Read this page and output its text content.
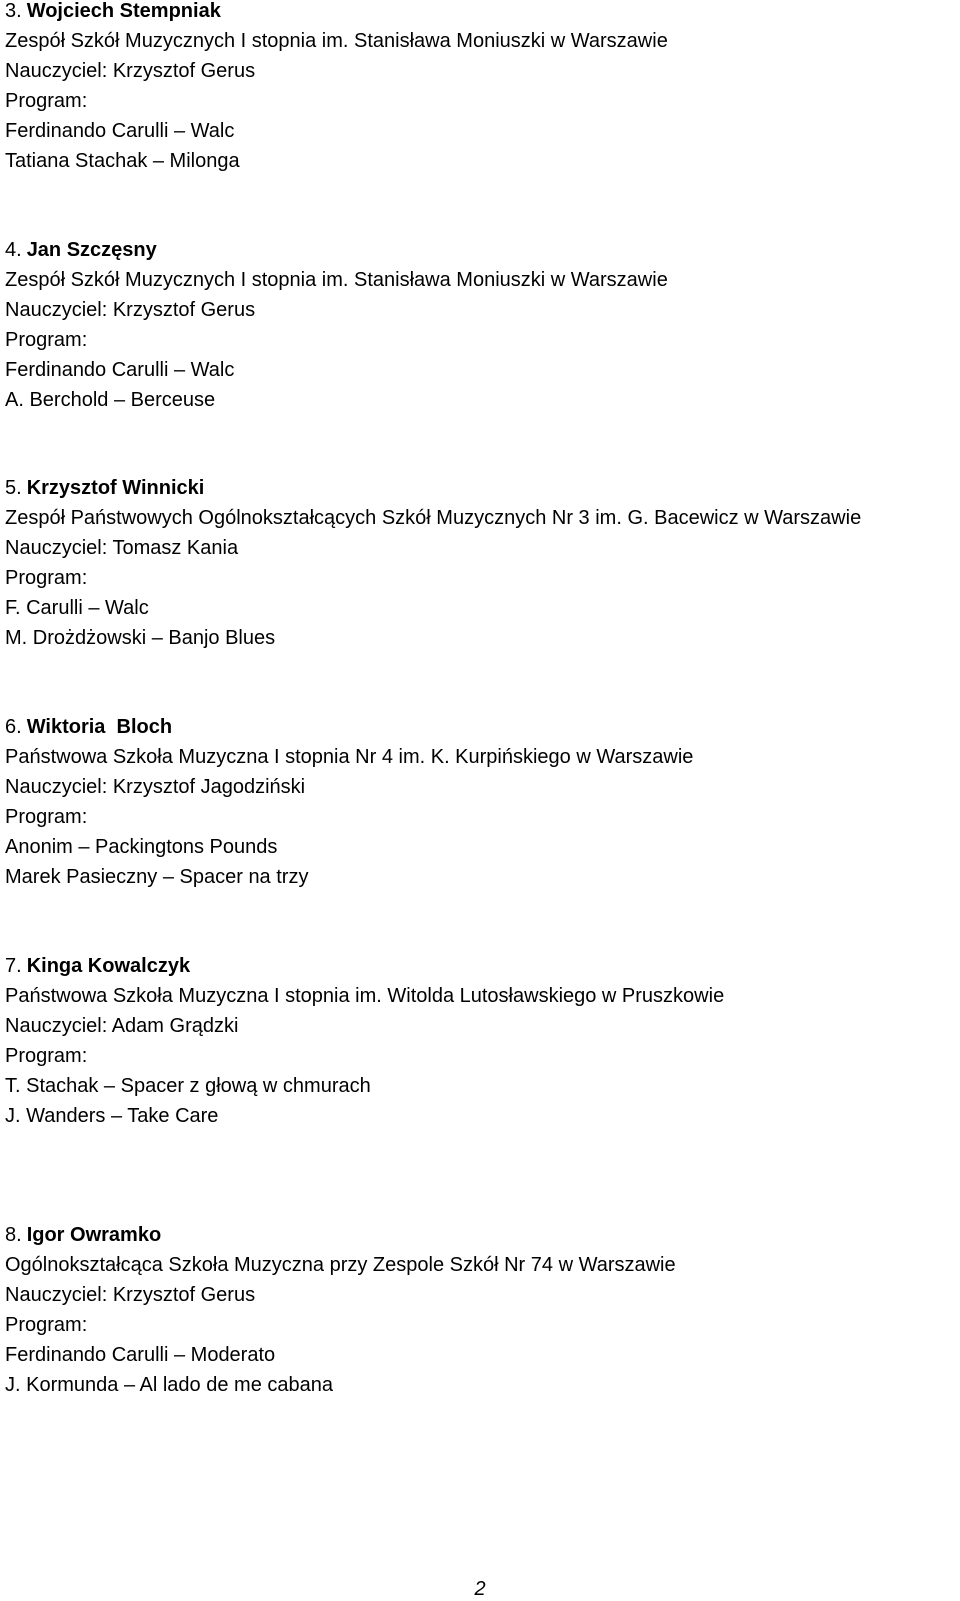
3. Wojciech Stempniak
Zespół Szkół Muzycznych I stopnia im. Stanisława Moniuszki w Warszawie
Nauczyciel: Krzysztof Gerus
Program:
Ferdinando Carulli – Walc
Tatiana Stachak – Milonga
4. Jan Szczęsny
Zespół Szkół Muzycznych I stopnia im. Stanisława Moniuszki w Warszawie
Nauczyciel: Krzysztof Gerus
Program:
Ferdinando Carulli – Walc
A. Berchold – Berceuse
5. Krzysztof Winnicki
Zespół Państwowych Ogólnokształcących Szkół Muzycznych Nr 3 im. G. Bacewicz w Warszawie
Nauczyciel: Tomasz Kania
Program:
F. Carulli – Walc
M. Drożdżowski – Banjo Blues
6. Wiktoria  Bloch
Państwowa Szkoła Muzyczna I stopnia Nr 4 im. K. Kurpińskiego w Warszawie
Nauczyciel: Krzysztof Jagodziński
Program:
Anonim – Packingtons Pounds
Marek Pasieczny – Spacer na trzy
7. Kinga Kowalczyk
Państwowa Szkoła Muzyczna I stopnia im. Witolda Lutosławskiego w Pruszkowie
Nauczyciel: Adam Grądzki
Program:
T. Stachak – Spacer z głową w chmurach
J. Wanders – Take Care
8. Igor Owramko
Ogólnokształcąca Szkoła Muzyczna przy Zespole Szkół Nr 74 w Warszawie
Nauczyciel: Krzysztof Gerus
Program:
Ferdinando Carulli – Moderato
J. Kormunda – Al lado de me cabana
2
